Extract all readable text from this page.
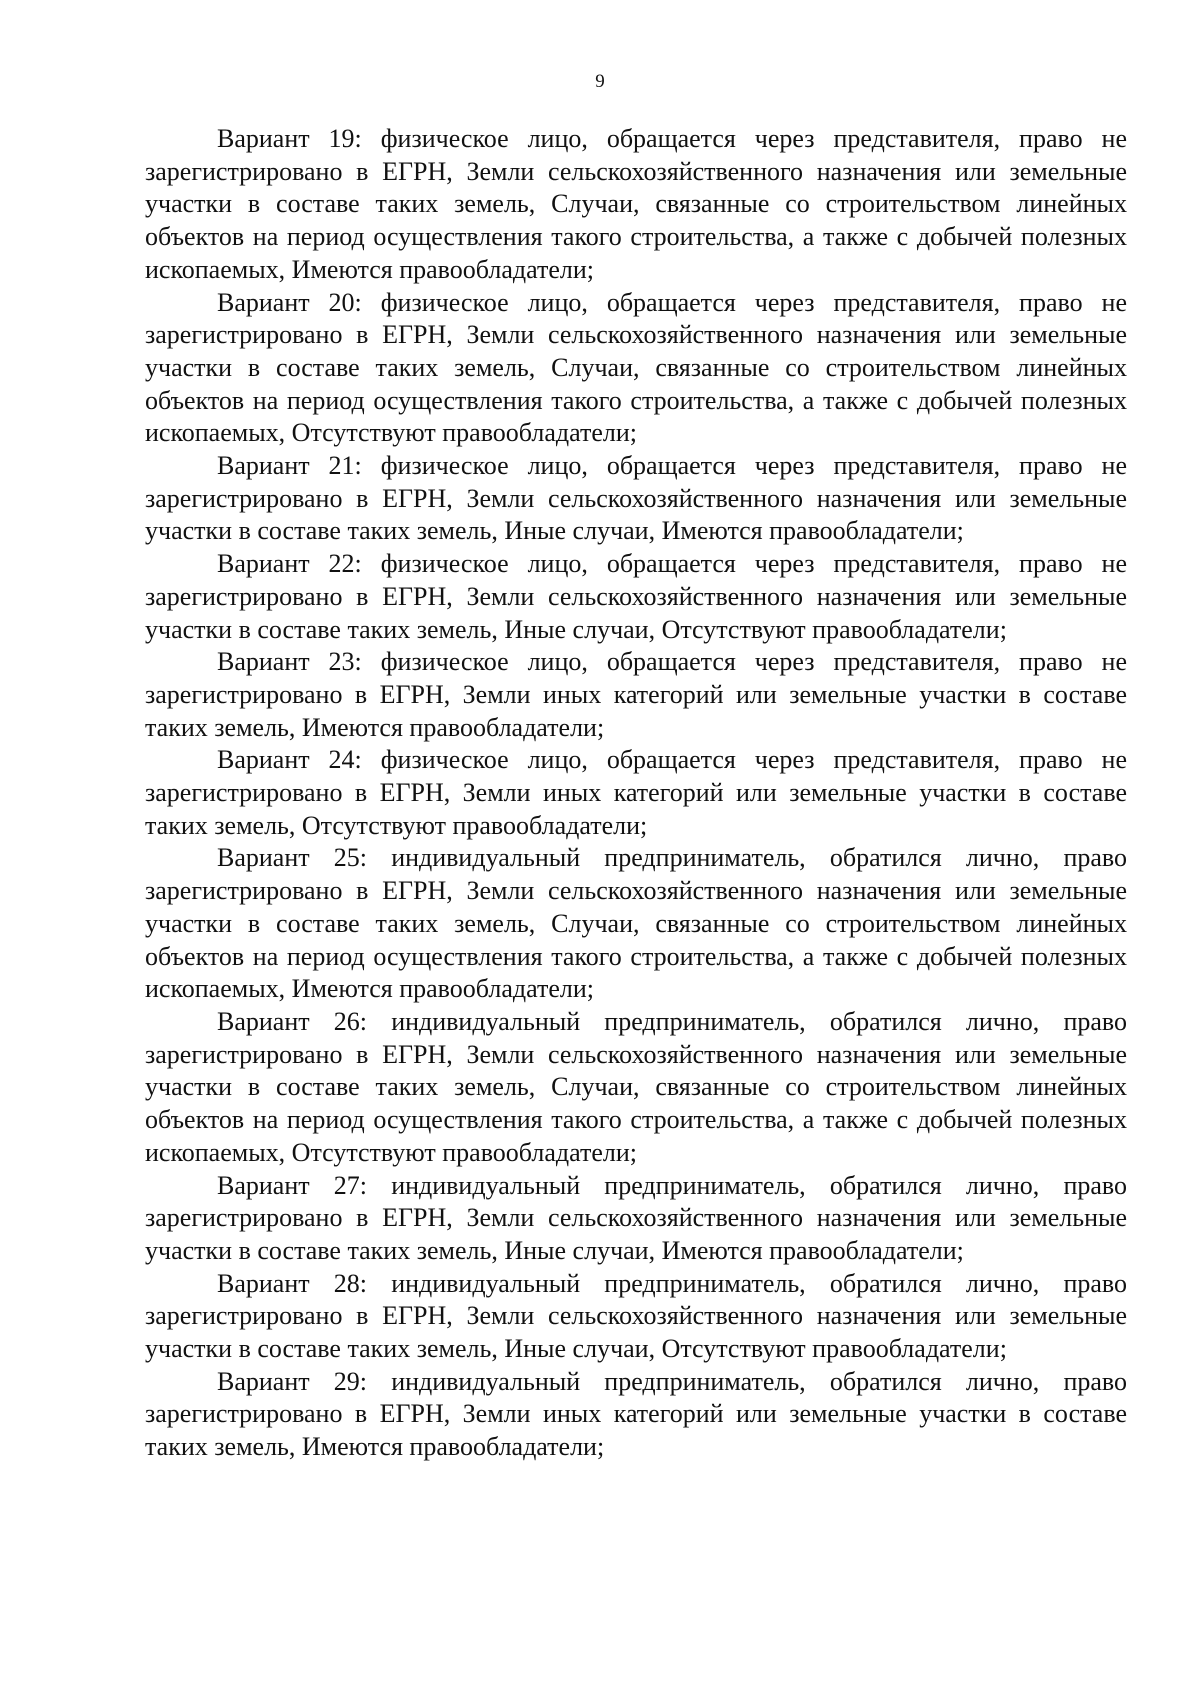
9

Вариант 19: физическое лицо, обращается через представителя, право не зарегистрировано в ЕГРН, Земли сельскохозяйственного назначения или земельные участки в составе таких земель, Случаи, связанные со строительством линейных объектов на период осуществления такого строительства, а также с добычей полезных ископаемых, Имеются правообладатели;

Вариант 20: физическое лицо, обращается через представителя, право не зарегистрировано в ЕГРН, Земли сельскохозяйственного назначения или земельные участки в составе таких земель, Случаи, связанные со строительством линейных объектов на период осуществления такого строительства, а также с добычей полезных ископаемых, Отсутствуют правообладатели;

Вариант 21: физическое лицо, обращается через представителя, право не зарегистрировано в ЕГРН, Земли сельскохозяйственного назначения или земельные участки в составе таких земель, Иные случаи, Имеются правообладатели;

Вариант 22: физическое лицо, обращается через представителя, право не зарегистрировано в ЕГРН, Земли сельскохозяйственного назначения или земельные участки в составе таких земель, Иные случаи, Отсутствуют правообладатели;

Вариант 23: физическое лицо, обращается через представителя, право не зарегистрировано в ЕГРН, Земли иных категорий или земельные участки в составе таких земель, Имеются правообладатели;

Вариант 24: физическое лицо, обращается через представителя, право не зарегистрировано в ЕГРН, Земли иных категорий или земельные участки в составе таких земель, Отсутствуют правообладатели;

Вариант 25: индивидуальный предприниматель, обратился лично, право зарегистрировано в ЕГРН, Земли сельскохозяйственного назначения или земельные участки в составе таких земель, Случаи, связанные со строительством линейных объектов на период осуществления такого строительства, а также с добычей полезных ископаемых, Имеются правообладатели;

Вариант 26: индивидуальный предприниматель, обратился лично, право зарегистрировано в ЕГРН, Земли сельскохозяйственного назначения или земельные участки в составе таких земель, Случаи, связанные со строительством линейных объектов на период осуществления такого строительства, а также с добычей полезных ископаемых, Отсутствуют правообладатели;

Вариант 27: индивидуальный предприниматель, обратился лично, право зарегистрировано в ЕГРН, Земли сельскохозяйственного назначения или земельные участки в составе таких земель, Иные случаи, Имеются правообладатели;

Вариант 28: индивидуальный предприниматель, обратился лично, право зарегистрировано в ЕГРН, Земли сельскохозяйственного назначения или земельные участки в составе таких земель, Иные случаи, Отсутствуют правообладатели;

Вариант 29: индивидуальный предприниматель, обратился лично, право зарегистрировано в ЕГРН, Земли иных категорий или земельные участки в составе таких земель, Имеются правообладатели;
